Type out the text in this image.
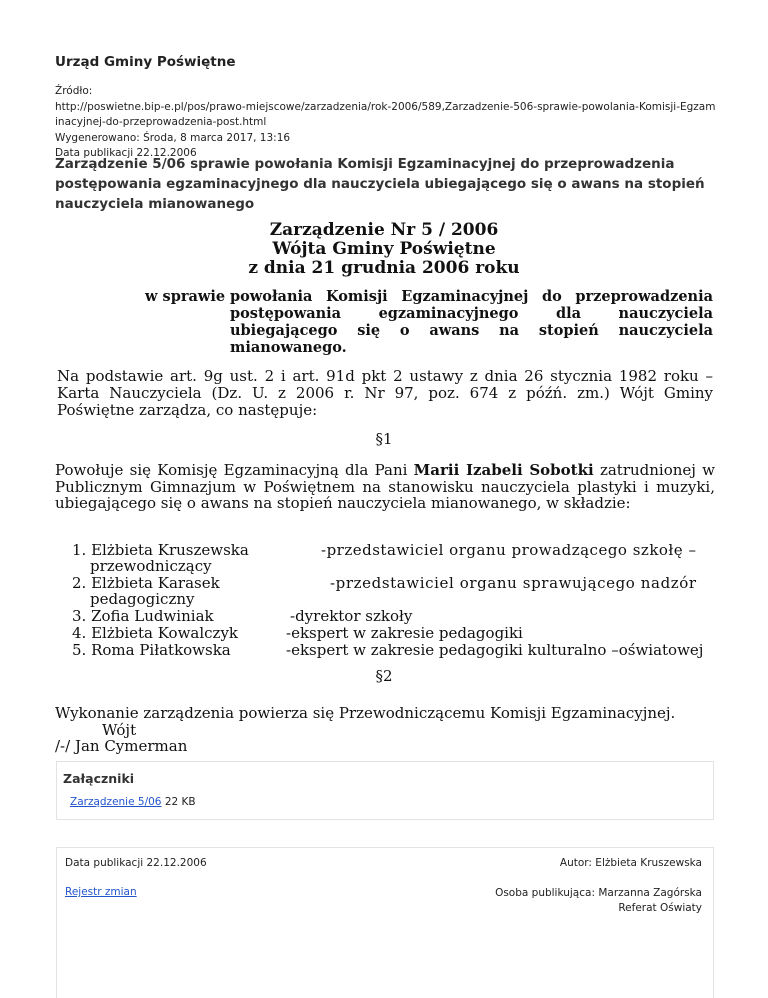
Urząd Gminy Poświętne
Źródło:
http://poswietne.bip-e.pl/pos/prawo-miejscowe/zarzadzenia/rok-2006/589,Zarzadzenie-506-sprawie-powolania-Komisji-Egzam
inacyjnej-do-przeprowadzenia-post.html
Wygenerowano: Środa, 8 marca 2017, 13:16
Data publikacji 22.12.2006
Zarządzenie 5/06 sprawie powołania Komisji Egzaminacyjnej do przeprowadzenia postępowania egzaminacyjnego dla nauczyciela ubiegającego się o awans na stopień nauczyciela mianowanego
Zarządzenie Nr 5 / 2006
Wójta Gminy Poświętne
z dnia 21 grudnia 2006 roku
w sprawie powołania Komisji Egzaminacyjnej do przeprowadzenia postępowania egzaminacyjnego dla nauczyciela ubiegającego się o awans na stopień nauczyciela mianowanego.
Na podstawie art. 9g ust. 2 i art. 91d pkt 2 ustawy z dnia 26 stycznia 1982 roku –Karta Nauczyciela (Dz. U. z 2006 r. Nr 97, poz. 674 z późń. zm.) Wójt Gminy Poświętne zarządza, co następuje:
§1
Powołuje się Komisję Egzaminacyjną dla Pani Marii Izabeli Sobotki zatrudnionej w Publicznym Gimnazjum w Poświętnem na stanowisku nauczyciela plastyki i muzyki, ubiegającego się o awans na stopień nauczyciela mianowanego, w składzie:
1. Elżbieta Kruszewska	-przedstawiciel organu prowadzącego szkołę –
przewodniczący
2. Elżbieta Karasek	-przedstawiciel organu sprawującego nadzór
pedagogiczny
3. Zofia Ludwiniak	-dyrektor szkoły
4. Elżbieta Kowalczyk	-ekspert w zakresie pedagogiki
5. Roma Piłatkowska	-ekspert w zakresie pedagogiki kulturalno –oświatowej
§2
Wykonanie zarządzenia powierza się Przewodniczącemu Komisji Egzaminacyjnej.
Wójt
/-/ Jan Cymerman
Załączniki
Zarządzenie 5/06 22 KB
Data publikacji 22.12.2006
Rejestr zmian
Autor: Elżbieta Kruszewska
Osoba publikująca: Marzanna Zagórska
Referat Oświaty
